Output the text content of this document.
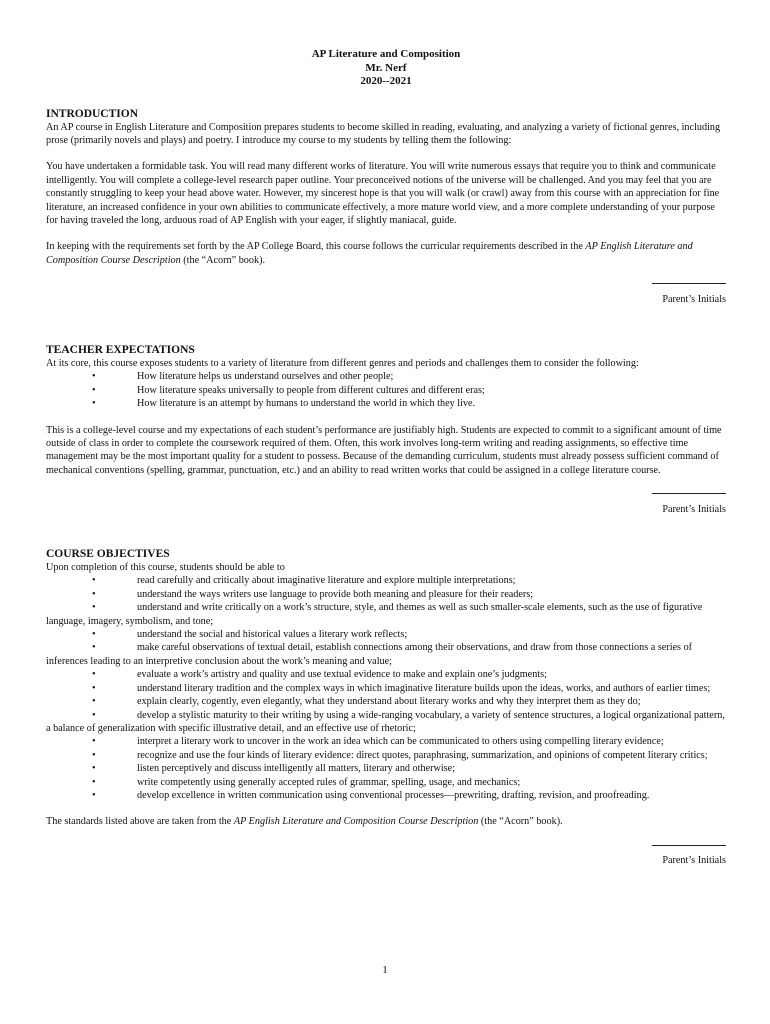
AP Literature and Composition
Mr. Nerf
2020--2021
INTRODUCTION

An AP course in English Literature and Composition prepares students to become skilled in reading, evaluating, and analyzing a variety of fictional genres, including prose (primarily novels and plays) and poetry. I introduce my course to my students by telling them the following:

You have undertaken a formidable task. You will read many different works of literature. You will write numerous essays that require you to think and communicate intelligently. You will complete a college-level research paper outline. Your preconceived notions of the universe will be challenged. And you may feel that you are constantly struggling to keep your head above water. However, my sincerest hope is that you will walk (or crawl) away from this course with an appreciation for fine literature, an increased confidence in your own abilities to communicate effectively, a more mature world view, and a more complete understanding of your purpose for having traveled the long, arduous road of AP English with your eager, if slightly maniacal, guide.

In keeping with the requirements set forth by the AP College Board, this course follows the curricular requirements described in the AP English Literature and Composition Course Description (the “Acorn” book).

Parent’s Initials
TEACHER EXPECTATIONS

At its core, this course exposes students to a variety of literature from different genres and periods and challenges them to consider the following:

•	How literature helps us understand ourselves and other people;
•	How literature speaks universally to people from different cultures and different eras;
•	How literature is an attempt by humans to understand the world in which they live.

This is a college-level course and my expectations of each student’s performance are justifiably high. Students are expected to commit to a significant amount of time outside of class in order to complete the coursework required of them. Often, this work involves long-term writing and reading assignments, so effective time management may be the most important quality for a student to possess. Because of the demanding curriculum, students must already possess sufficient command of mechanical conventions (spelling, grammar, punctuation, etc.) and an ability to read written works that could be assigned in a college literature course.

Parent’s Initials
COURSE OBJECTIVES

Upon completion of this course, students should be able to

•	read carefully and critically about imaginative literature and explore multiple interpretations;
•	understand the ways writers use language to provide both meaning and pleasure for their readers;
•	understand and write critically on a work’s structure, style, and themes as well as such smaller-scale elements, such as the use of figurative language, imagery, symbolism, and tone;
•	understand the social and historical values a literary work reflects;
•	make careful observations of textual detail, establish connections among their observations, and draw from those connections a series of inferences leading to an interpretive conclusion about the work’s meaning and value;
•	evaluate a work’s artistry and quality and use textual evidence to make and explain one’s judgments;
•	understand literary tradition and the complex ways in which imaginative literature builds upon the ideas, works, and authors of earlier times;
•	explain clearly, cogently, even elegantly, what they understand about literary works and why they interpret them as they do;
•	develop a stylistic maturity to their writing by using a wide-ranging vocabulary, a variety of sentence structures, a logical organizational pattern, a balance of generalization with specific illustrative detail, and an effective use of rhetoric;
•	interpret a literary work to uncover in the work an idea which can be communicated to others using compelling literary evidence;
•	recognize and use the four kinds of literary evidence: direct quotes, paraphrasing, summarization, and opinions of competent literary critics;
•	listen perceptively and discuss intelligently all matters, literary and otherwise;
•	write competently using generally accepted rules of grammar, spelling, usage, and mechanics;
•	develop excellence in written communication using conventional processes—prewriting, drafting, revision, and proofreading.

The standards listed above are taken from the AP English Literature and Composition Course Description (the “Acorn” book).

Parent’s Initials
1
